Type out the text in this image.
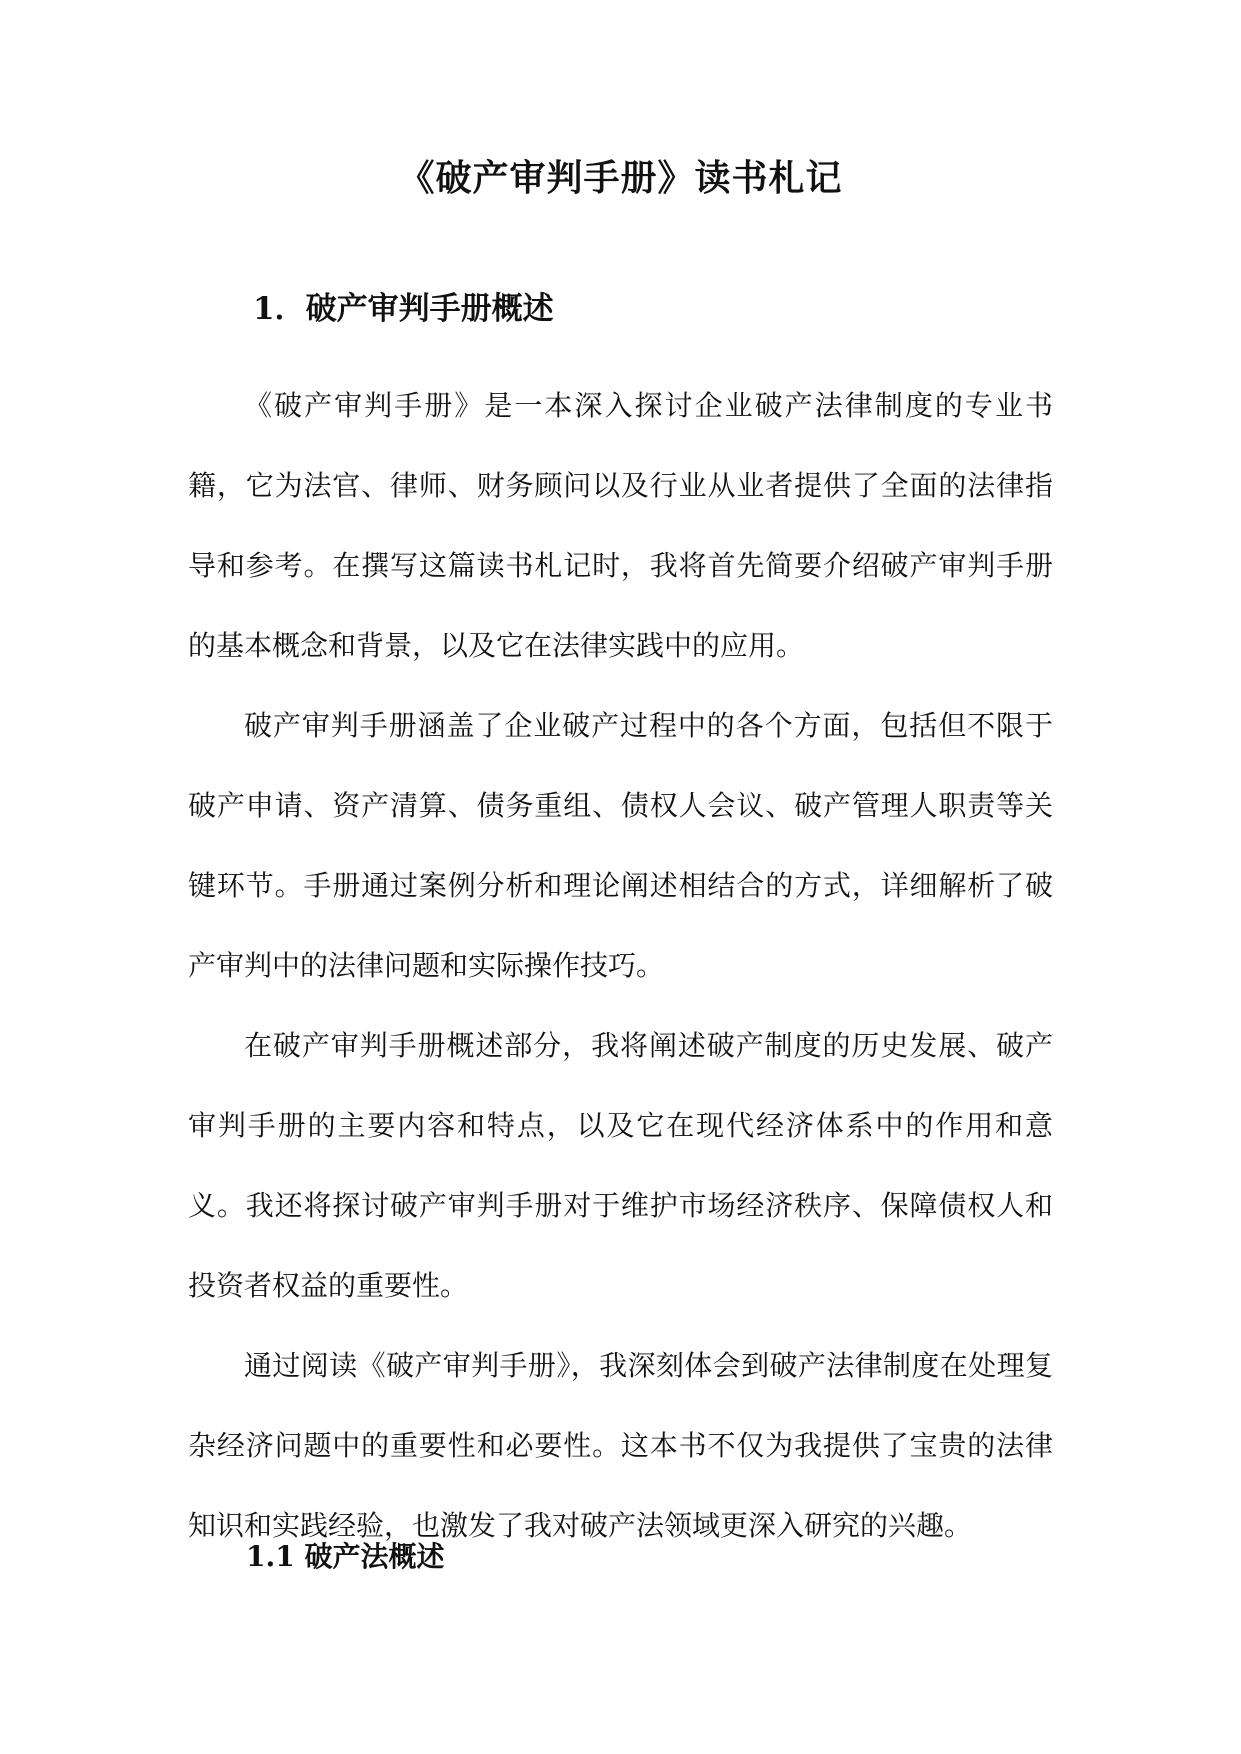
《破产审判手册》读书札记
1．破产审判手册概述

《破产审判手册》是一本深入探讨企业破产法律制度的专业书籍，它为法官、律师、财务顾问以及行业从业者提供了全面的法律指导和参考。在撰写这篇读书札记时，我将首先简要介绍破产审判手册的基本概念和背景，以及它在法律实践中的应用。

破产审判手册涵盖了企业破产过程中的各个方面，包括但不限于破产申请、资产清算、债务重组、债权人会议、破产管理人职责等关键环节。手册通过案例分析和理论阐述相结合的方式，详细解析了破产审判中的法律问题和实际操作技巧。

在破产审判手册概述部分，我将阐述破产制度的历史发展、破产审判手册的主要内容和特点，以及它在现代经济体系中的作用和意义。我还将探讨破产审判手册对于维护市场经济秩序、保障债权人和投资者权益的重要性。

通过阅读《破产审判手册》，我深刻体会到破产法律制度在处理复杂经济问题中的重要性和必要性。这本书不仅为我提供了宝贵的法律知识和实践经验，也激发了我对破产法领域更深入研究的兴趣。

1.1 破产法概述
